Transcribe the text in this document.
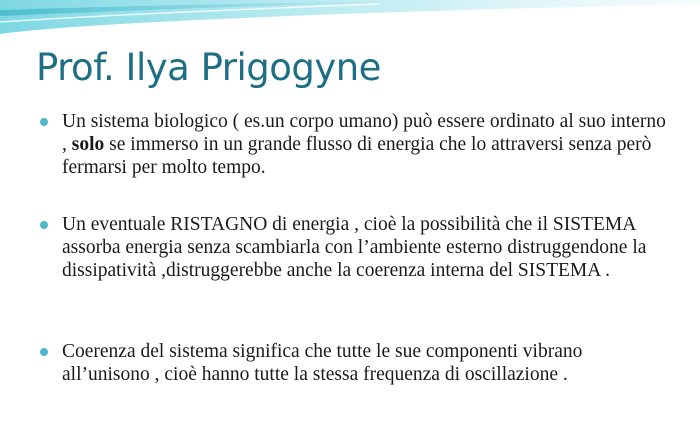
Prof. Ilya Prigogyne
Un sistema biologico ( es.un corpo umano) può essere ordinato al suo interno , solo se immerso in un grande flusso di energia che lo attraversi senza però fermarsi per molto tempo.
Un eventuale RISTAGNO di energia , cioè la possibilità che il SISTEMA assorba energia senza scambiarla con l’ambiente esterno distruggendone la dissipatività ,distruggerebbe anche la coerenza interna del SISTEMA .
Coerenza del sistema significa che tutte le sue componenti vibrano all’unisono , cioè hanno tutte la stessa frequenza di oscillazione .
